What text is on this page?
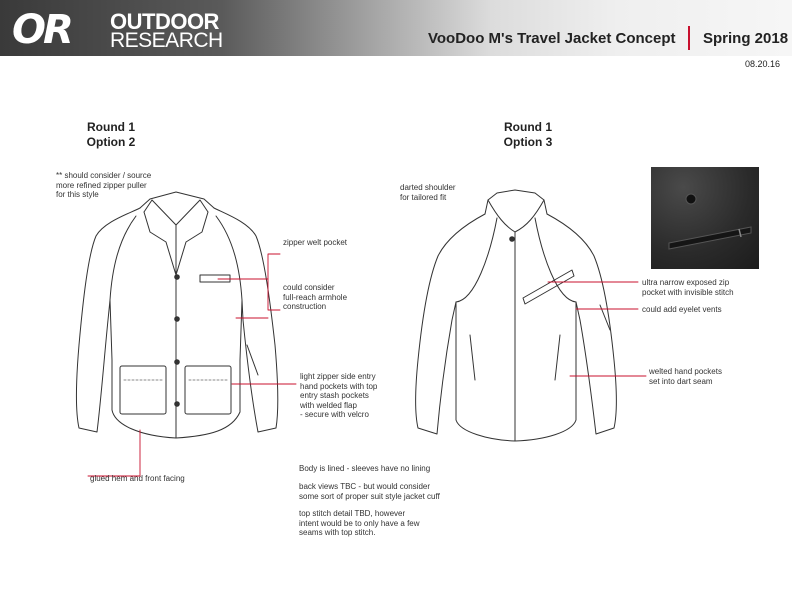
OR OUTDOOR
RESEARCH	VooDoo M's Travel Jacket Concept Spring 2018
08.20.16
Round 1
Option 2
Round 1
Option 3
** should consider / source
more refined zipper puller
for this style
zipper welt pocket
could consider
full-reach armhole
construction
light zipper side entry
hand pockets with top
entry stash pockets
with welded flap
- secure with velcro
glued hem and front facing
darted shoulder
for tailored fit
ultra narrow exposed zip
pocket with invisible stitch
could add eyelet vents
welted hand pockets
set into dart seam
Body is lined - sleeves have no lining
back views TBC - but would consider
some sort of proper suit style jacket cuff
top stitch detail TBD, however
intent would be to only have a few
seams with top stitch.
